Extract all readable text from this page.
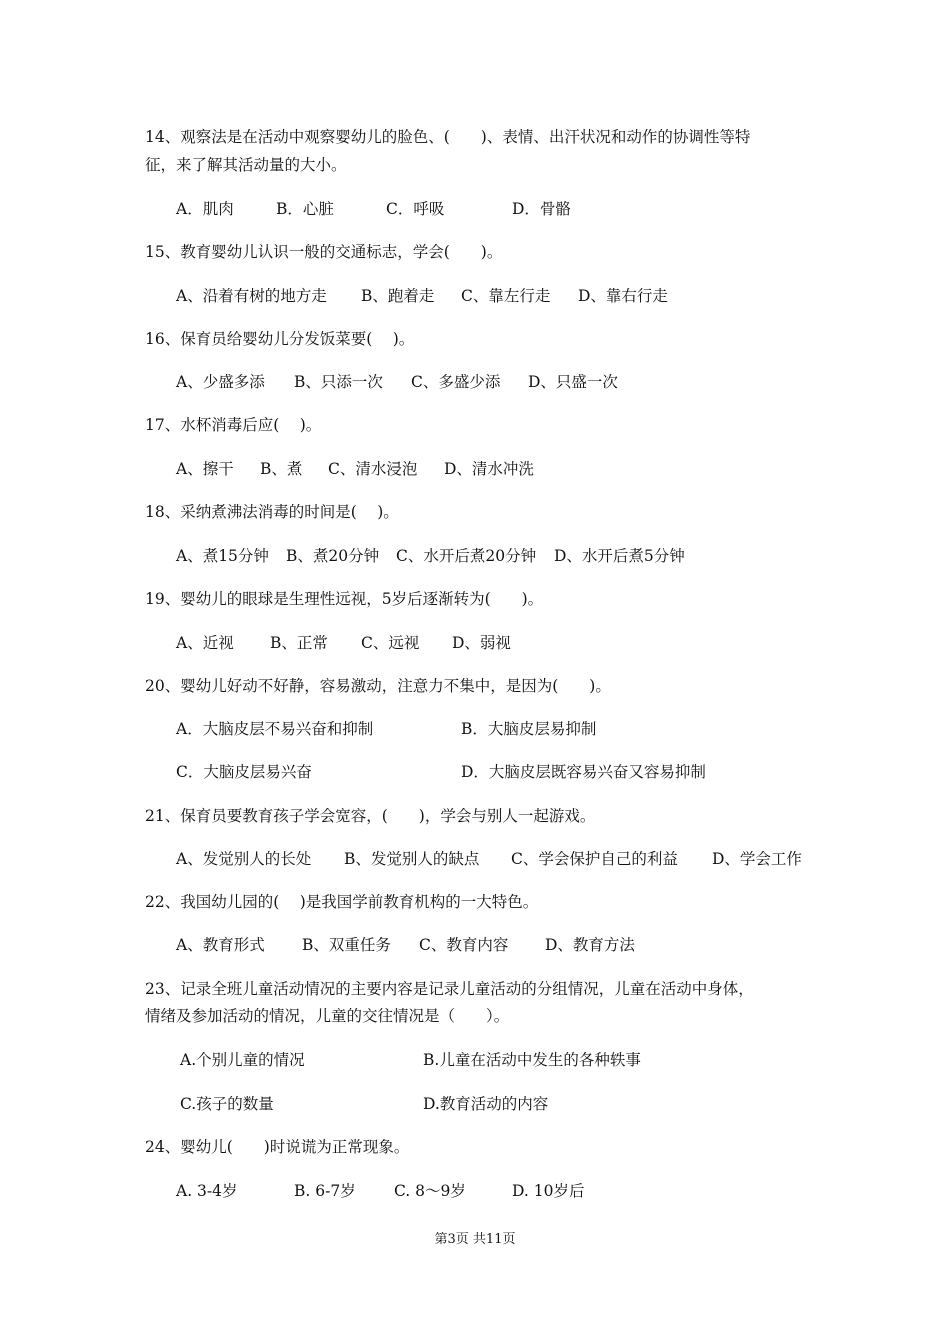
14、观察法是在活动中观察婴幼儿的脸色、(　　)、表情、出汗状况和动作的协调性等特
征，来了解其活动量的大小。
A．肌肉	B．心脏	C．呼吸	D．骨骼
15、教育婴幼儿认识一般的交通标志，学会(　　)。
A、沿着有树的地方走 B、跑着走 C、靠左行走 D、靠右行走
16、保育员给婴幼儿分发饭菜要(　 )。
A、少盛多添 B、只添一次 C、多盛少添 D、只盛一次
17、水杯消毒后应(　 )。
A、擦干 B、煮 C、清水浸泡 D、清水冲洗
18、采纳煮沸法消毒的时间是(　 )。
A、煮15分钟 B、煮20分钟 C、水开后煮20分钟 D、水开后煮5分钟
19、婴幼儿的眼球是生理性远视，5岁后逐渐转为(　　)。
A、近视 B、正常 C、远视 D、弱视
20、婴幼儿好动不好静，容易激动，注意力不集中，是因为(　　)。
A．大脑皮层不易兴奋和抑制	B．大脑皮层易抑制
C．大脑皮层易兴奋	D．大脑皮层既容易兴奋又容易抑制
21、保育员要教育孩子学会宽容，(　　)，学会与别人一起游戏。
A、发觉别人的长处 B、发觉别人的缺点 C、学会保护自己的利益 D、学会工作
22、我国幼儿园的(　 )是我国学前教育机构的一大特色。
A、教育形式 B、双重任务 C、教育内容 D、教育方法
23、记录全班儿童活动情况的主要内容是记录儿童活动的分组情况，儿童在活动中身体，
情绪及参加活动的情况，儿童的交往情况是（　　）。
A.个别儿童的情况	B.儿童在活动中发生的各种轶事
C.孩子的数量	D.教育活动的内容
24、婴幼儿(　　)时说谎为正常现象。
A. 3-4岁	B. 6-7岁 C. 8～9岁	D. 10岁后
第3页 共11页
